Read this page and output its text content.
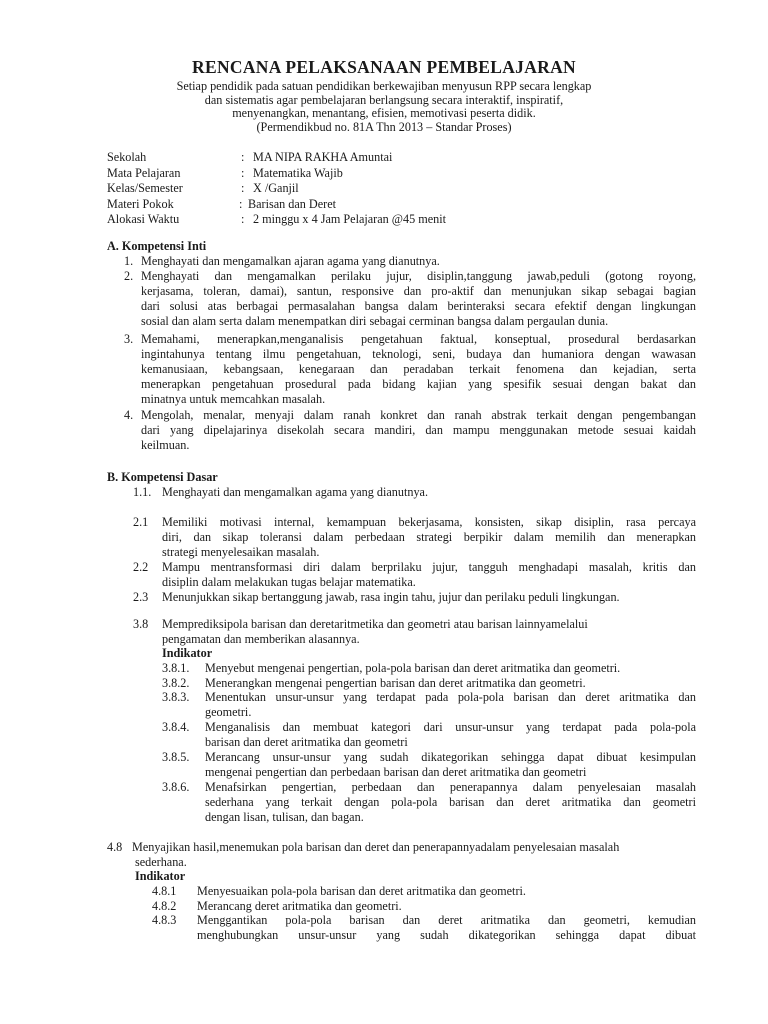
RENCANA PELAKSANAAN PEMBELAJARAN
Setiap pendidik pada satuan pendidikan berkewajiban menyusun RPP secara lengkap
dan sistematis agar pembelajaran berlangsung secara interaktif, inspiratif,
menyenangkan, menantang, efisien, memotivasi peserta didik.
(Permendikbud no. 81A Thn 2013 – Standar Proses)
Sekolah	: MA NIPA RAKHA Amuntai
Mata Pelajaran	: Matematika Wajib
Kelas/Semester	: X /Ganjil
Materi Pokok	: Barisan dan Deret
Alokasi Waktu	: 2 minggu x 4 Jam Pelajaran @45 menit
A. Kompetensi Inti
1. Menghayati dan mengamalkan ajaran agama yang dianutnya.
2. Menghayati dan mengamalkan perilaku jujur, disiplin,tanggung jawab,peduli (gotong royong,
kerjasama, toleran, damai), santun, responsive dan pro-aktif dan menunjukan sikap sebagai bagian
dari solusi atas berbagai permasalahan bangsa dalam berinteraksi secara efektif dengan lingkungan
sosial dan alam serta dalam menempatkan diri sebagai cerminan bangsa dalam pergaulan dunia.
3. Memahami, menerapkan,menganalisis pengetahuan faktual, konseptual, prosedural berdasarkan
ingintahunya tentang ilmu pengetahuan, teknologi, seni, budaya dan humaniora dengan wawasan
kemanusiaan, kebangsaan, kenegaraan dan peradaban terkait fenomena dan kejadian, serta
menerapkan pengetahuan prosedural pada bidang kajian yang spesifik sesuai dengan bakat dan
minatnya untuk memcahkan masalah.
4. Mengolah, menalar, menyaji dalam ranah konkret dan ranah abstrak terkait dengan pengembangan
dari yang dipelajarinya disekolah secara mandiri, dan mampu menggunakan metode sesuai kaidah
keilmuan.
B. Kompetensi Dasar
1.1. Menghayati dan mengamalkan agama yang dianutnya.
2.1 Memiliki motivasi internal, kemampuan bekerjasama, konsisten, sikap disiplin, rasa percaya
diri, dan sikap toleransi dalam perbedaan strategi berpikir dalam memilih dan menerapkan
strategi menyelesaikan masalah.
2.2 Mampu mentransformasi diri dalam berprilaku jujur, tangguh menghadapi masalah, kritis dan
disiplin dalam melakukan tugas belajar matematika.
2.3 Menunjukkan sikap bertanggung jawab, rasa ingin tahu, jujur dan perilaku peduli lingkungan.
3.8 Memprediksipola barisan dan deretaritmetika dan geometri atau barisan lainnyamelalui
pengamatan dan memberikan alasannya.
Indikator
3.8.1. Menyebut mengenai pengertian, pola-pola barisan dan deret aritmatika dan geometri.
3.8.2. Menerangkan mengenai pengertian barisan dan deret aritmatika dan geometri.
3.8.3. Menentukan unsur-unsur yang terdapat pada pola-pola barisan dan deret aritmatika dan
geometri.
3.8.4. Menganalisis dan membuat kategori dari unsur-unsur yang terdapat pada pola-pola
barisan dan deret aritmatika dan geometri
3.8.5. Merancang unsur-unsur yang sudah dikategorikan sehingga dapat dibuat kesimpulan
mengenai pengertian dan perbedaan barisan dan deret aritmatika dan geometri
3.8.6. Menafsirkan pengertian, perbedaan dan penerapannya dalam penyelesaian masalah
sederhana yang terkait dengan pola-pola barisan dan deret aritmatika dan geometri
dengan lisan, tulisan, dan bagan.
4.8 Menyajikan hasil,menemukan pola barisan dan deret dan penerapannyadalam penyelesaian masalah
sederhana.
Indikator
4.8.1 Menyesuaikan pola-pola barisan dan deret aritmatika dan geometri.
4.8.2 Merancang deret aritmatika dan geometri.
4.8.3 Menggantikan pola-pola barisan dan deret aritmatika dan geometri, kemudian
menghubungkan unsur-unsur yang sudah dikategorikan sehingga dapat dibuat
